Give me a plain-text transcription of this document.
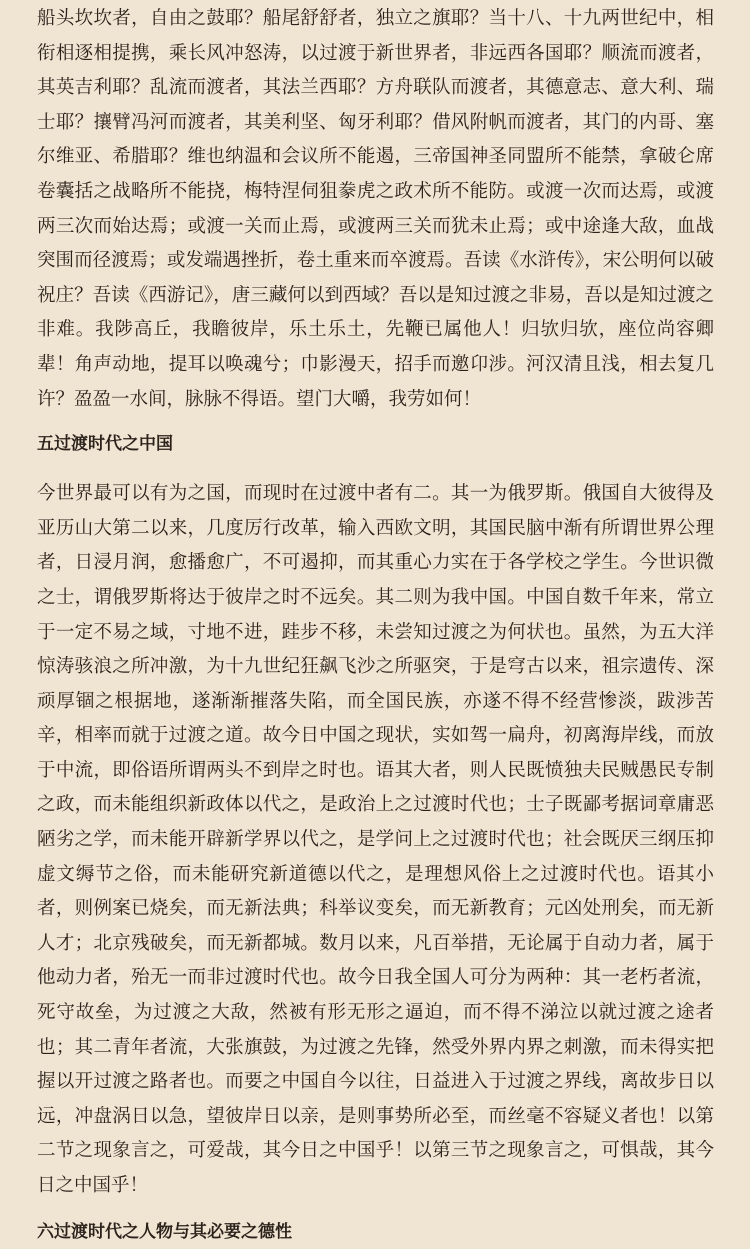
船头坎坎者，自由之鼓耶？船尾舒舒者，独立之旗耶？当十八、十九两世纪中，相衔相逐相提携，乘长风冲怒涛，以过渡于新世界者，非远西各国耶？顺流而渡者，其英吉利耶？乱流而渡者，其法兰西耶？方舟联队而渡者，其德意志、意大利、瑞士耶？攘臂冯河而渡者，其美利坚、匈牙利耶？借风附帆而渡者，其门的内哥、塞尔维亚、希腊耶？维也纳温和会议所不能遏，三帝国神圣同盟所不能禁，拿破仑席卷囊括之战略所不能挠，梅特涅伺狙豢虎之政术所不能防。或渡一次而达焉，或渡两三次而始达焉；或渡一关而止焉，或渡两三关而犹未止焉；或中途逢大敌，血战突围而径渡焉；或发端遇挫折，卷土重来而卒渡焉。吾读《水浒传》，宋公明何以破祝庄？吾读《西游记》，唐三藏何以到西域？吾以是知过渡之非易，吾以是知过渡之非难。我陟高丘，我瞻彼岸，乐土乐土，先鞭已属他人！归欤归欤，座位尚容卿辈！角声动地，提耳以唤魂兮；巾影漫天，招手而邀卬涉。河汉清且浅，相去复几许？盈盈一水间，脉脉不得语。望门大嚼，我劳如何！

五过渡时代之中国

今世界最可以有为之国，而现时在过渡中者有二。其一为俄罗斯。俄国自大彼得及亚历山大第二以来，几度厉行改革，输入西欧文明，其国民脑中渐有所谓世界公理者，日浸月润，愈播愈广，不可遏抑，而其重心力实在于各学校之学生。今世识微之士，谓俄罗斯将达于彼岸之时不远矣。其二则为我中国。中国自数千年来，常立于一定不易之域，寸地不进，跬步不移，未尝知过渡之为何状也。虽然，为五大洋惊涛骇浪之所冲激，为十九世纪狂飙飞沙之所驱突，于是穹古以来，祖宗遗传、深顽厚锢之根据地，遂渐渐摧落失陷，而全国民族，亦遂不得不经营惨淡，跋涉苦辛，相率而就于过渡之道。故今日中国之现状，实如驾一扁舟，初离海岸线，而放于中流，即俗语所谓两头不到岸之时也。语其大者，则人民既愤独夫民贼愚民专制之政，而未能组织新政体以代之，是政治上之过渡时代也；士子既鄙考据词章庸恶陋劣之学，而未能开辟新学界以代之，是学问上之过渡时代也；社会既厌三纲压抑虚文缛节之俗，而未能研究新道德以代之，是理想风俗上之过渡时代也。语其小者，则例案已烧矣，而无新法典；科举议变矣，而无新教育；元凶处刑矣，而无新人才；北京残破矣，而无新都城。数月以来，凡百举措，无论属于自动力者，属于他动力者，殆无一而非过渡时代也。故今日我全国人可分为两种：其一老朽者流，死守故垒，为过渡之大敌，然被有形无形之逼迫，而不得不涕泣以就过渡之途者也；其二青年者流，大张旗鼓，为过渡之先锋，然受外界内界之刺激，而未得实把握以开过渡之路者也。而要之中国自今以往，日益进入于过渡之界线，离故步日以远，冲盘涡日以急，望彼岸日以亲，是则事势所必至，而丝毫不容疑义者也！以第二节之现象言之，可爱哉，其今日之中国乎！以第三节之现象言之，可惧哉，其今日之中国乎！

六过渡时代之人物与其必要之德性
